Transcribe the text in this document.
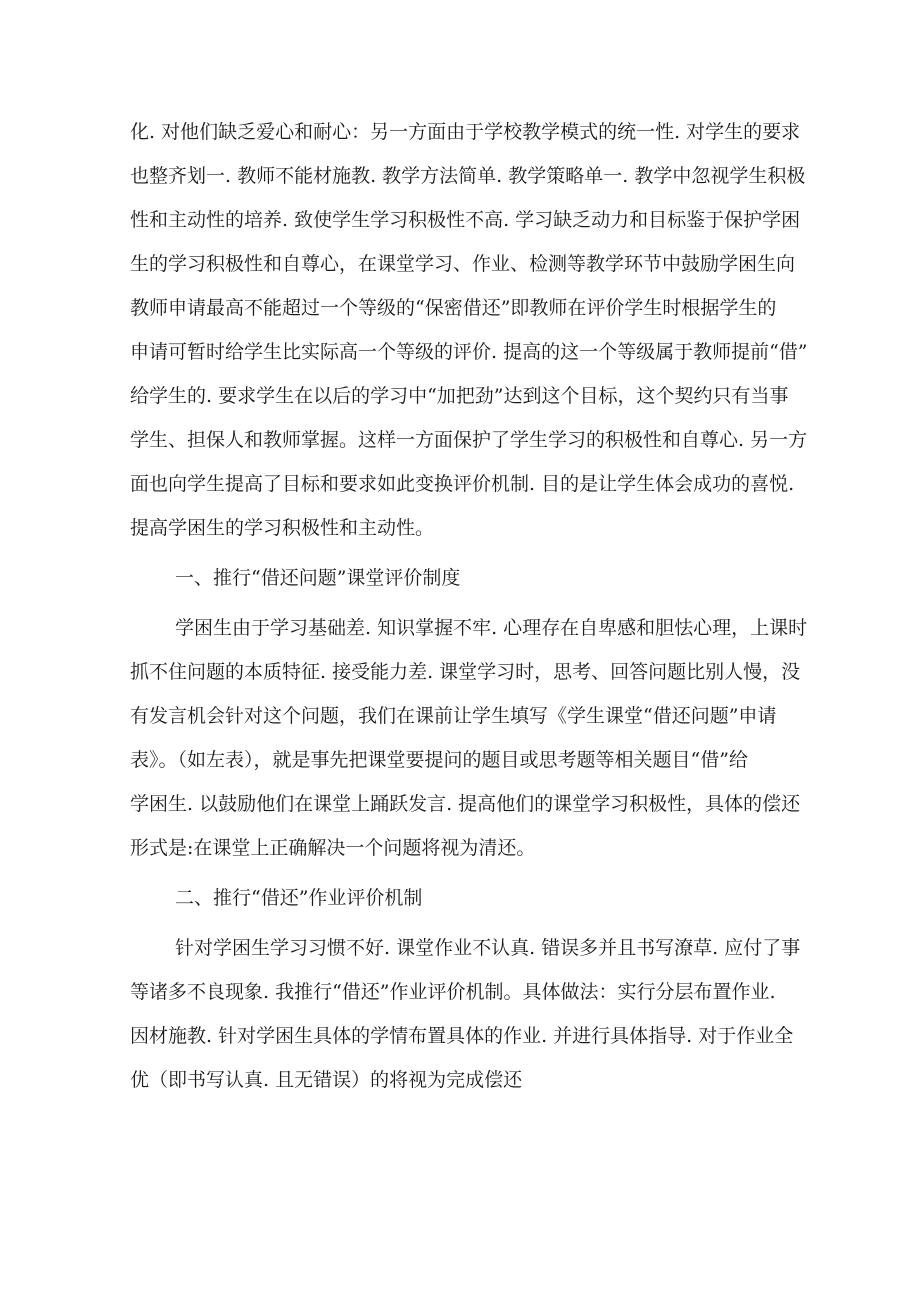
化. 对他们缺乏爱心和耐心：另一方面由于学校教学模式的统一性. 对学生的要求
也整齐划一. 教师不能材施教. 教学方法简单. 教学策略单一. 教学中忽视学生积极
性和主动性的培养. 致使学生学习积极性不高. 学习缺乏动力和目标鉴于保护学困
生的学习积极性和自尊心，在课堂学习、作业、检测等教学环节中鼓励学困生向
教师申请最高不能超过一个等级的“保密借还”即教师在评价学生时根据学生的
申请可暂时给学生比实际高一个等级的评价. 提高的这一个等级属于教师提前“借”
给学生的. 要求学生在以后的学习中“加把劲”达到这个目标，这个契约只有当事
学生、担保人和教师掌握。这样一方面保护了学生学习的积极性和自尊心. 另一方
面也向学生提高了目标和要求如此变换评价机制. 目的是让学生体会成功的喜悦.
提高学困生的学习积极性和主动性。
一、推行“借还问题”课堂评价制度
学困生由于学习基础差. 知识掌握不牢. 心理存在自卑感和胆怯心理，上课时
抓不住问题的本质特征. 接受能力差. 课堂学习时，思考、回答问题比别人慢，没
有发言机会针对这个问题，我们在课前让学生填写《学生课堂“借还问题”申请
表》。（如左表），就是事先把课堂要提问的题目或思考题等相关题目“借”给
学困生. 以鼓励他们在课堂上踊跃发言. 提高他们的课堂学习积极性，具体的偿还
形式是:在课堂上正确解决一个问题将视为清还。
二、推行“借还”作业评价机制
针对学困生学习习惯不好. 课堂作业不认真. 错误多并且书写潦草. 应付了事
等诸多不良现象. 我推行“借还”作业评价机制。具体做法：实行分层布置作业.
因材施教. 针对学困生具体的学情布置具体的作业. 并进行具体指导. 对于作业全
优（即书写认真. 且无错误）的将视为完成偿还
